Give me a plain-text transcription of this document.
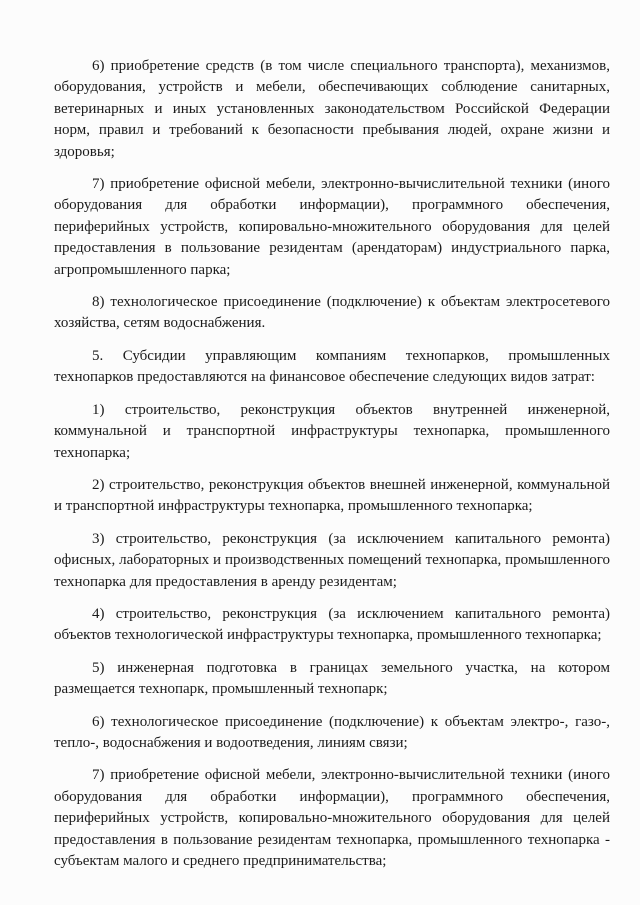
6) приобретение средств (в том числе специального транспорта), механизмов, оборудования, устройств и мебели, обеспечивающих соблюдение санитарных, ветеринарных и иных установленных законодательством Российской Федерации норм, правил и требований к безопасности пребывания людей, охране жизни и здоровья;

7) приобретение офисной мебели, электронно-вычислительной техники (иного оборудования для обработки информации), программного обеспечения, периферийных устройств, копировально-множительного оборудования для целей предоставления в пользование резидентам (арендаторам) индустриального парка, агропромышленного парка;

8) технологическое присоединение (подключение) к объектам электросетевого хозяйства, сетям водоснабжения.

5. Субсидии управляющим компаниям технопарков, промышленных технопарков предоставляются на финансовое обеспечение следующих видов затрат:

1) строительство, реконструкция объектов внутренней инженерной, коммунальной и транспортной инфраструктуры технопарка, промышленного технопарка;

2) строительство, реконструкция объектов внешней инженерной, коммунальной и транспортной инфраструктуры технопарка, промышленного технопарка;

3) строительство, реконструкция (за исключением капитального ремонта) офисных, лабораторных и производственных помещений технопарка, промышленного технопарка для предоставления в аренду резидентам;

4) строительство, реконструкция (за исключением капитального ремонта) объектов технологической инфраструктуры технопарка, промышленного технопарка;

5) инженерная подготовка в границах земельного участка, на котором размещается технопарк, промышленный технопарк;

6) технологическое присоединение (подключение) к объектам электро-, газо-, тепло-, водоснабжения и водоотведения, линиям связи;

7) приобретение офисной мебели, электронно-вычислительной техники (иного оборудования для обработки информации), программного обеспечения, периферийных устройств, копировально-множительного оборудования для целей предоставления в пользование резидентам технопарка, промышленного технопарка - субъектам малого и среднего предпринимательства;
